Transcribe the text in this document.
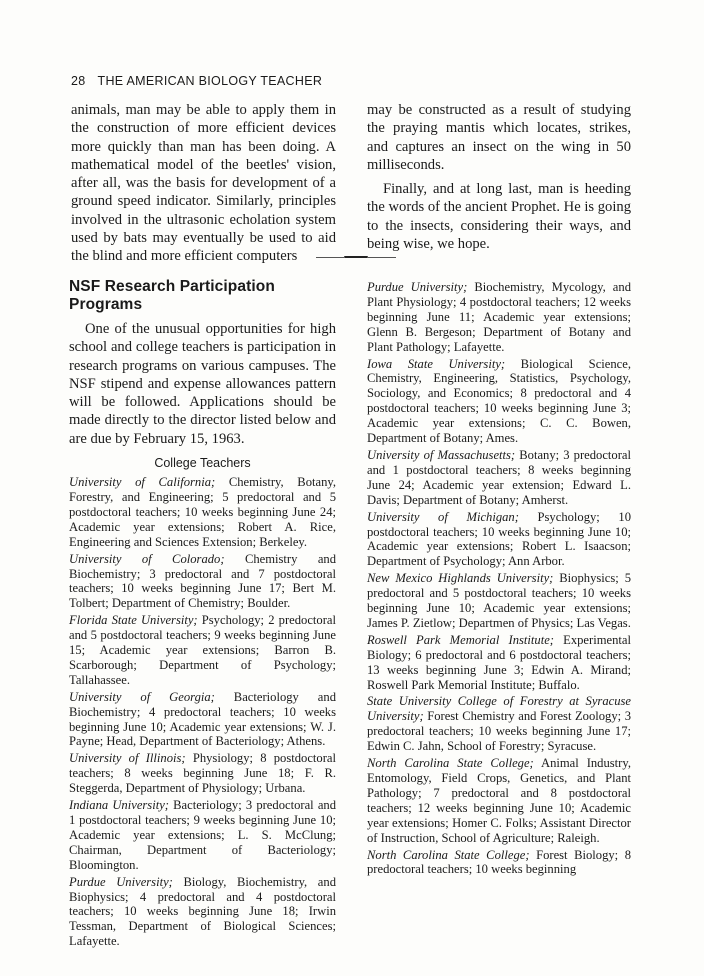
28 THE AMERICAN BIOLOGY TEACHER

animals, man may be able to apply them in the construction of more efficient devices more quickly than man has been doing. A mathematical model of the beetles' vision, after all, was the basis for development of a ground speed indicator. Similarly, principles involved in the ultrasonic echolation system used by bats may eventually be used to aid the blind and more efficient computers

may be constructed as a result of studying the praying mantis which locates, strikes, and captures an insect on the wing in 50 milliseconds.

Finally, and at long last, man is heeding the words of the ancient Prophet. He is going to the insects, considering their ways, and being wise, we hope.

NSF Research Participation Programs

One of the unusual opportunities for high school and college teachers is participation in research programs on various campuses. The NSF stipend and expense allowances pattern will be followed. Applications should be made directly to the director listed below and are due by February 15, 1963.

College Teachers

University of California; Chemistry, Botany, Forestry, and Engineering; 5 predoctoral and 5 postdoctoral teachers; 10 weeks beginning June 24; Academic year extensions; Robert A. Rice, Engineering and Sciences Extension; Berkeley.

University of Colorado; Chemistry and Biochemistry; 3 predoctoral and 7 postdoctoral teachers; 10 weeks beginning June 17; Bert M. Tolbert; Department of Chemistry; Boulder.

Florida State University; Psychology; 2 predoctoral and 5 postdoctoral teachers; 9 weeks beginning June 15; Academic year extensions; Barron B. Scarborough; Department of Psychology; Tallahassee.

University of Georgia; Bacteriology and Biochemistry; 4 predoctoral teachers; 10 weeks beginning June 10; Academic year extensions; W. J. Payne; Head, Department of Bacteriology; Athens.

University of Illinois; Physiology; 8 postdoctoral teachers; 8 weeks beginning June 18; F. R. Steggerda, Department of Physiology; Urbana.

Indiana University; Bacteriology; 3 predoctoral and 1 postdoctoral teachers; 9 weeks beginning June 10; Academic year extensions; L. S. McClung; Chairman, Department of Bacteriology; Bloomington.

Purdue University; Biology, Biochemistry, and Biophysics; 4 predoctoral and 4 postdoctoral teachers; 10 weeks beginning June 18; Irwin Tessman, Department of Biological Sciences; Lafayette.

Purdue University; Biochemistry, Mycology, and Plant Physiology; 4 postdoctoral teachers; 12 weeks beginning June 11; Academic year extensions; Glenn B. Bergeson; Department of Botany and Plant Pathology; Lafayette.

Iowa State University; Biological Science, Chemistry, Engineering, Statistics, Psychology, Sociology, and Economics; 8 predoctoral and 4 postdoctoral teachers; 10 weeks beginning June 3; Academic year extensions; C. C. Bowen, Department of Botany; Ames.

University of Massachusetts; Botany; 3 predoctoral and 1 postdoctoral teachers; 8 weeks beginning June 24; Academic year extension; Edward L. Davis; Department of Botany; Amherst.

University of Michigan; Psychology; 10 postdoctoral teachers; 10 weeks beginning June 10; Academic year extensions; Robert L. Isaacson; Department of Psychology; Ann Arbor.

New Mexico Highlands University; Biophysics; 5 predoctoral and 5 postdoctoral teachers; 10 weeks beginning June 10; Academic year extensions; James P. Zietlow; Departmen of Physics; Las Vegas.

Roswell Park Memorial Institute; Experimental Biology; 6 predoctoral and 6 postdoctoral teachers; 13 weeks beginning June 3; Edwin A. Mirand; Roswell Park Memorial Institute; Buffalo.

State University College of Forestry at Syracuse University; Forest Chemistry and Forest Zoology; 3 predoctoral teachers; 10 weeks beginning June 17; Edwin C. Jahn, School of Forestry; Syracuse.

North Carolina State College; Animal Industry, Entomology, Field Crops, Genetics, and Plant Pathology; 7 predoctoral and 8 postdoctoral teachers; 12 weeks beginning June 10; Academic year extensions; Homer C. Folks; Assistant Director of Instruction, School of Agriculture; Raleigh.

North Carolina State College; Forest Biology; 8 predoctoral teachers; 10 weeks beginning
